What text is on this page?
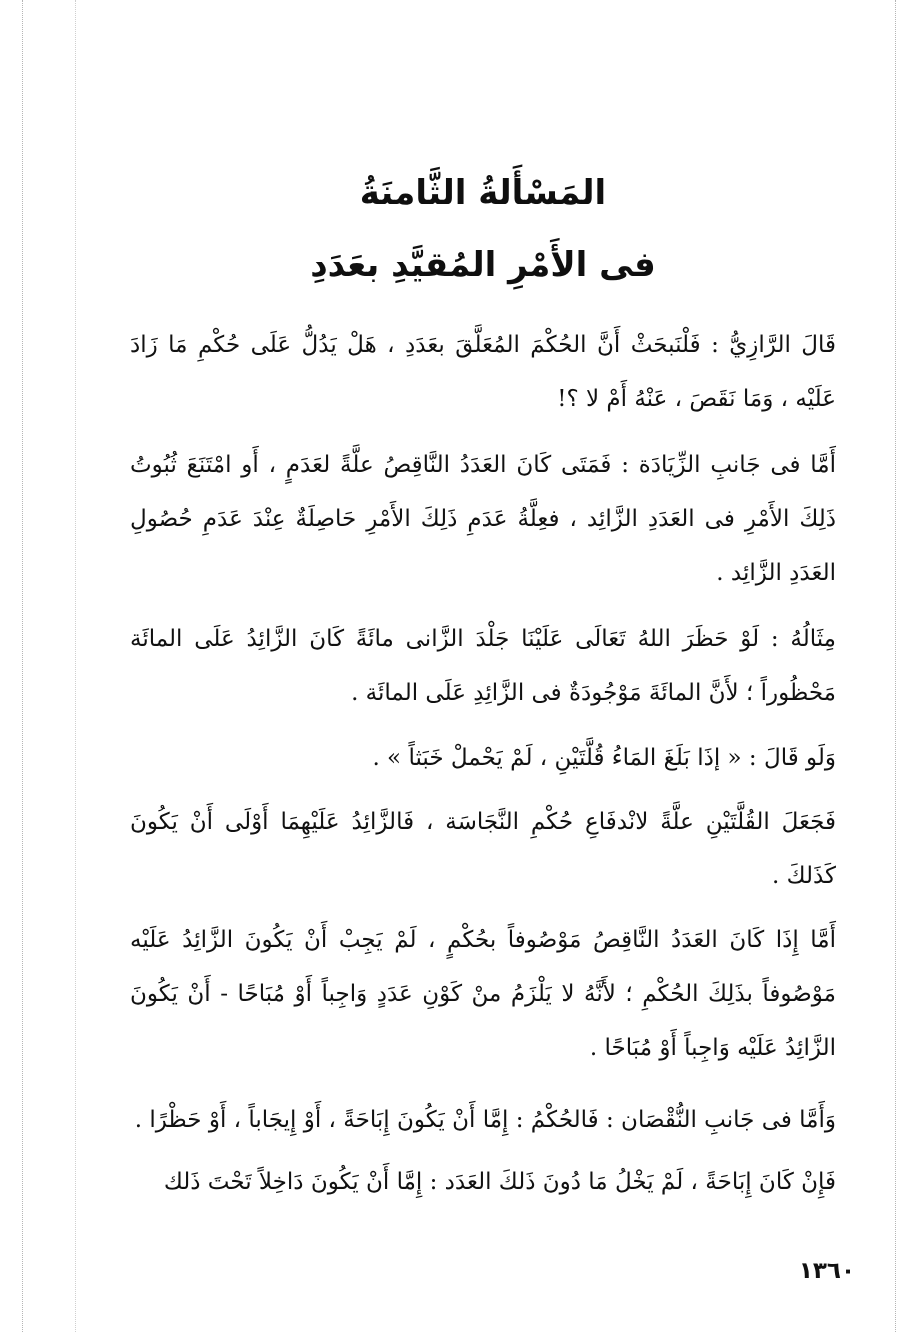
المَسْأَلةُ الثَّامنَةُ
فى الأَمْرِ المُقيَّدِ بعَدَدِ

قَالَ الرَّازِيُّ : فَلْنَبحَثْ أَنَّ الحُكْمَ المُعَلَّقَ بعَدَدِ ، هَلْ يَدُلُّ عَلَى حُكْمِ مَا زَادَ عَلَيْه ، وَمَا نَقَصَ ، عَنْهُ أَمْ لا ؟!

أَمَّا فى جَانبِ الزِّيَادَة : فَمَتَى كَانَ العَدَدُ النَّاقِصُ علَّةً لعَدَمٍ ، أَو امْتَنَعَ ثُبُوتُ ذَلِكَ الأَمْرِ فى العَدَدِ الزَّائِد ، فعِلَّةُ عَدَمِ ذَلِكَ الأَمْرِ حَاصِلَةٌ عِنْدَ عَدَمِ حُصُولِ العَدَدِ الزَّائِد .

مِثَالُهُ : لَوْ حَظَرَ اللهُ تَعَالَى عَلَيْنَا جَلْدَ الزَّانى مائَةً كَانَ الزَّائِدُ عَلَى المائَة مَحْظُوراً ؛ لأَنَّ المائَةَ مَوْجُودَةٌ فى الزَّائِدِ عَلَى المائَة .

وَلَو قَالَ : « إذَا بَلَغَ المَاءُ قُلَّتَيْنِ ، لَمْ يَحْملْ خَبَثاً » .

فَجَعَلَ القُلَّتَيْنِ علَّةً لانْدفَاعِ حُكْمِ النَّجَاسَة ، فَالزَّائِدُ عَلَيْهِمَا أَوْلَى أَنْ يَكُونَ كَذَلكَ .

أَمَّا إِذَا كَانَ العَدَدُ النَّاقِصُ مَوْصُوفاً بحُكْمٍ ، لَمْ يَجِبْ أَنْ يَكُونَ الزَّائِدُ عَلَيْه مَوْصُوفاً بذَلِكَ الحُكْمِ ؛ لأَنَّهُ لا يَلْزَمُ منْ كَوْنِ عَدَدٍ وَاجِباً أَوْ مُبَاحًا - أَنْ يَكُونَ الزَّائِدُ عَلَيْه وَاجِباً أَوْ مُبَاحًا .

وَأَمَّا فى جَانبِ النُّقْصَان : فَالحُكْمُ : إِمَّا أَنْ يَكُونَ إِبَاحَةً ، أَوْ إِيجَاباً ، أَوْ حَظْرًا .

فَإِنْ كَانَ إِبَاحَةً ، لَمْ يَخْلُ مَا دُونَ ذَلكَ العَدَد : إِمَّا أَنْ يَكُونَ دَاخِلاً تَحْتَ ذَلك

١٣٦٠
